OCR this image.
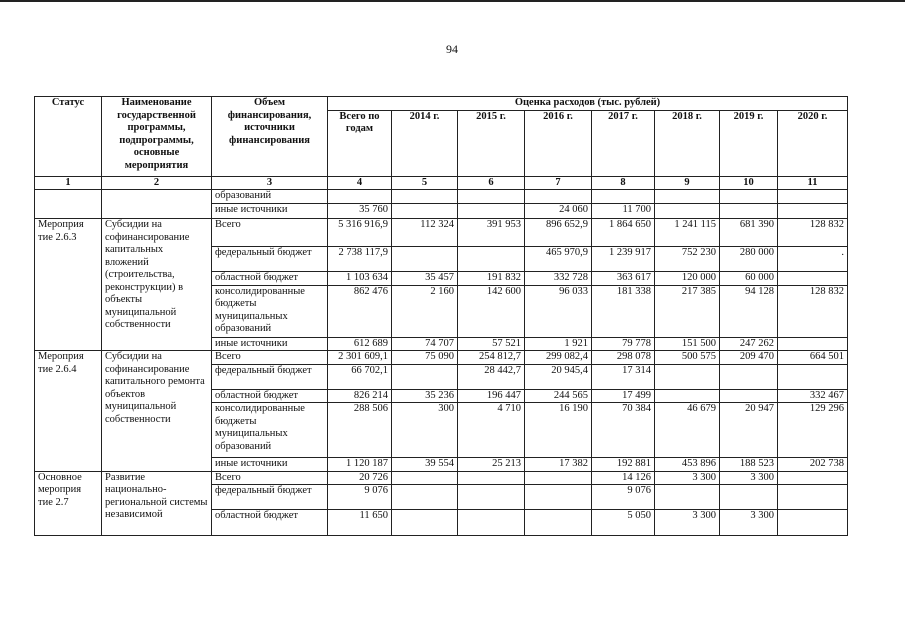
94
Статус	Наименование государственной программы, подпрограммы, основные мероприятия	Объем финансирования, источники финансирования	Оценка расходов (тыс. рублей)							
			Всего по годам	2014 г.	2015 г.	2016 г.	2017 г.	2018 г.	2019 г.	2020 г.
1	2	3	4	5	6	7	8	9	10	11
		образований								
		иные источники	35 760			24 060	11 700			
Мероприя тие 2.6.3	Субсидии на софинансирование капитальных вложений (строительства, реконструкции) в объекты муниципальной собственности	Всего	5 316 916,9	112 324	391 953	896 652,9	1 864 650	1 241 115	681 390	128 832
		федеральный бюджет	2 738 117,9			465 970,9	1 239 917	752 230	280 000	.
		областной бюджет	1 103 634	35 457	191 832	332 728	363 617	120 000	60 000	
		консолидированные бюджеты муниципальных образований	862 476	2 160	142 600	96 033	181 338	217 385	94 128	128 832
		иные источники	612 689	74 707	57 521	1 921	79 778	151 500	247 262	
Мероприя тие 2.6.4	Субсидии на софинансирование капитального ремонта объектов муниципальной собственности	Всего	2 301 609,1	75 090	254 812,7	299 082,4	298 078	500 575	209 470	664 501
		федеральный бюджет	66 702,1		28 442,7	20 945,4	17 314			
		областной бюджет	826 214	35 236	196 447	244 565	17 499			332 467
		консолидированные бюджеты муниципальных образований	288 506	300	4 710	16 190	70 384	46 679	20 947	129 296
		иные источники	1 120 187	39 554	25 213	17 382	192 881	453 896	188 523	202 738
Основное мероприя тие 2.7	Развитие национально-региональной системы независимой	Всего	20 726				14 126	3 300	3 300	
		федеральный бюджет	9 076				9 076			
		областной бюджет	11 650				5 050	3 300	3 300	
